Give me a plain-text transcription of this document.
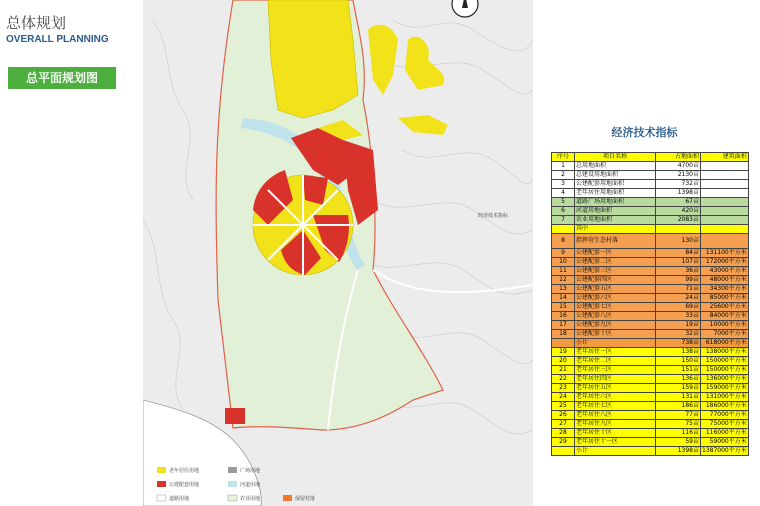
总体规划
OVERALL PLANNING
总平面规划图
老年居住用地	广场用地
公建配套用地	河道用地
道路用地	农业用地	保留村落
经济技术指标
经济技术指标
序号	项目名称	占地面积	建筑面积
1	总用地面积	4700亩	
2	总建设用地面积	2130亩	
3	公建配套用地面积	732亩	
4	老年居住用地面积	1398亩	
5	道路广场用地面积	67亩	
6	河道用地面积	420亩	
7	农业用地面积	2083亩	
	其中		
8	指挥营生态村落	130亩	
9	公建配套一区	84亩	131100平方米
10	公建配套二区	107亩	172000平方米
11	公建配套三区	36亩	43000平方米
12	公建配套四区	99亩	48000平方米
13	公建配套五区	71亩	34300平方米
14	公建配套六区	24亩	85000平方米
15	公建配套七区	69亩	25600平方米
16	公建配套八区	33亩	84000平方米
17	公建配套九区	19亩	10000平方米
18	公建配套十区	32亩	7000平方米
	小计	738亩	618000平方米
19	老年居住一区	138亩	138000平方米
20	老年居住二区	150亩	150000平方米
21	老年居住三区	151亩	150000平方米
22	老年居住四区	136亩	136000平方米
23	老年居住五区	159亩	159000平方米
24	老年居住六区	131亩	131000平方米
25	老年居住七区	186亩	186000平方米
26	老年居住八区	77亩	77000平方米
27	老年居住九区	75亩	75000平方米
28	老年居住十区	116亩	116000平方米
29	老年居住十一区	59亩	59000平方米
	小计	1398亩	1387000平方米
